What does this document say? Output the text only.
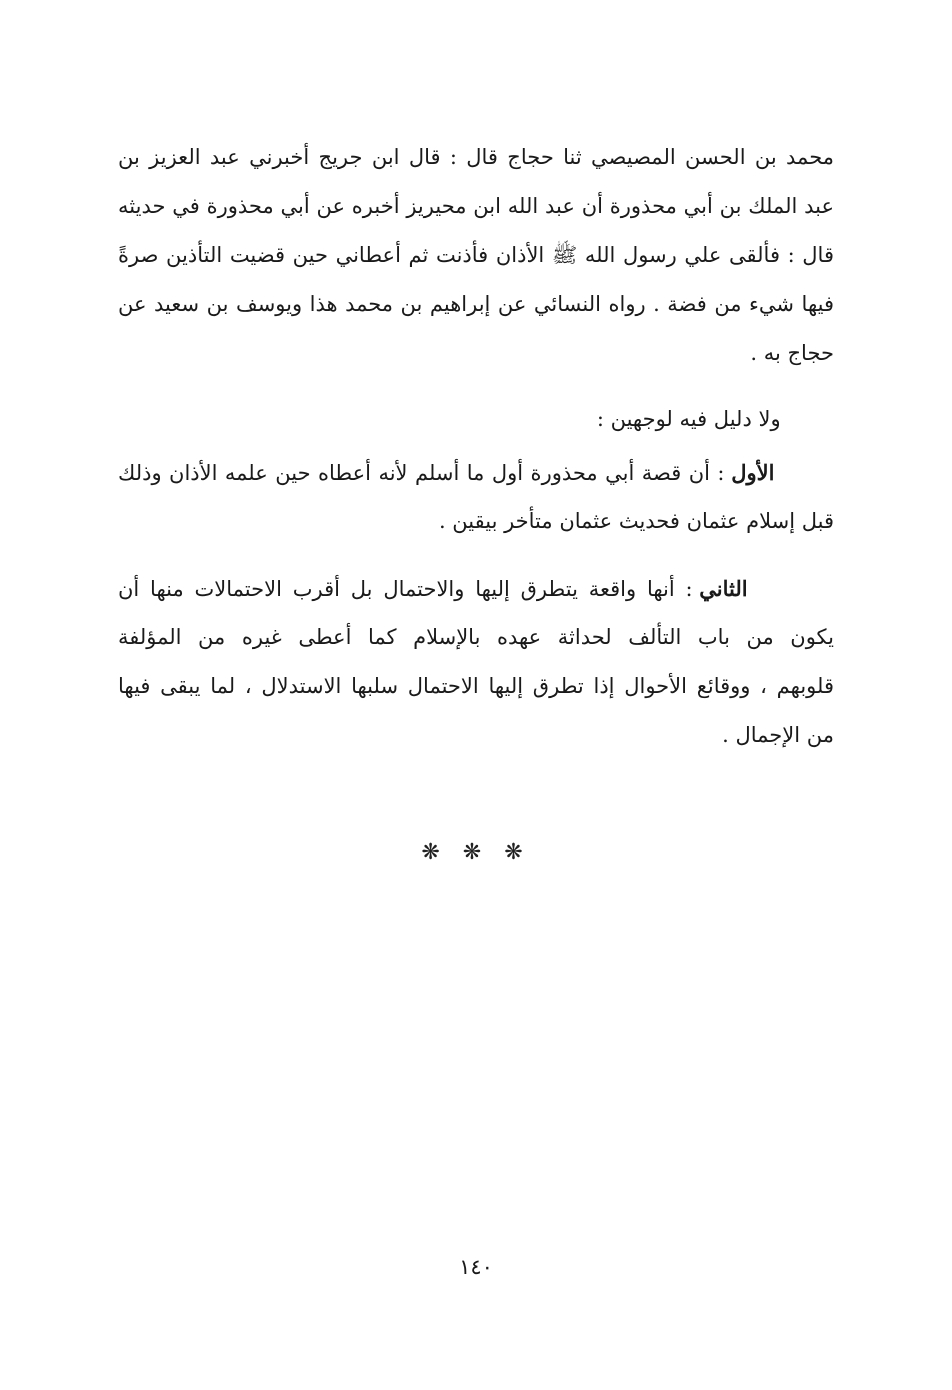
محمد بن الحسن المصيصي ثنا حجاج قال : قال ابن جريج أخبرني عبد العزيز بن
عبد الملك بن أبي محذورة أن عبد الله ابن محيريز أخبره عن أبي محذورة في حديثه
قال : فألقى علي رسول الله ﷺ الأذان فأذنت ثم أعطاني حين قضيت التأذين صرةً
فيها شيء من فضة . رواه النسائي عن إبراهيم بن محمد هذا ويوسف بن سعيد عن
حجاج به .
‏        ولا دليل فيه لوجهين :
‏        الأول : أن قصة أبي محذورة أول ما أسلم لأنه أعطاه حين علمه الأذان وذلك
قبل إسلام عثمان فحديث عثمان متأخر بيقين .
‏        الثاني : أنها واقعة يتطرق إليها والاحتمال بل أقرب الاحتمالات منها أن
يكون من باب التألف لحداثة عهده بالإسلام كما أعطى غيره من المؤلفة
قلوبهم ، ووقائع الأحوال إذا تطرق إليها الاحتمال سلبها الاستدلال ، لما يبقى فيها
من الإجمال .
❋ ❋ ❋
١٤٠
